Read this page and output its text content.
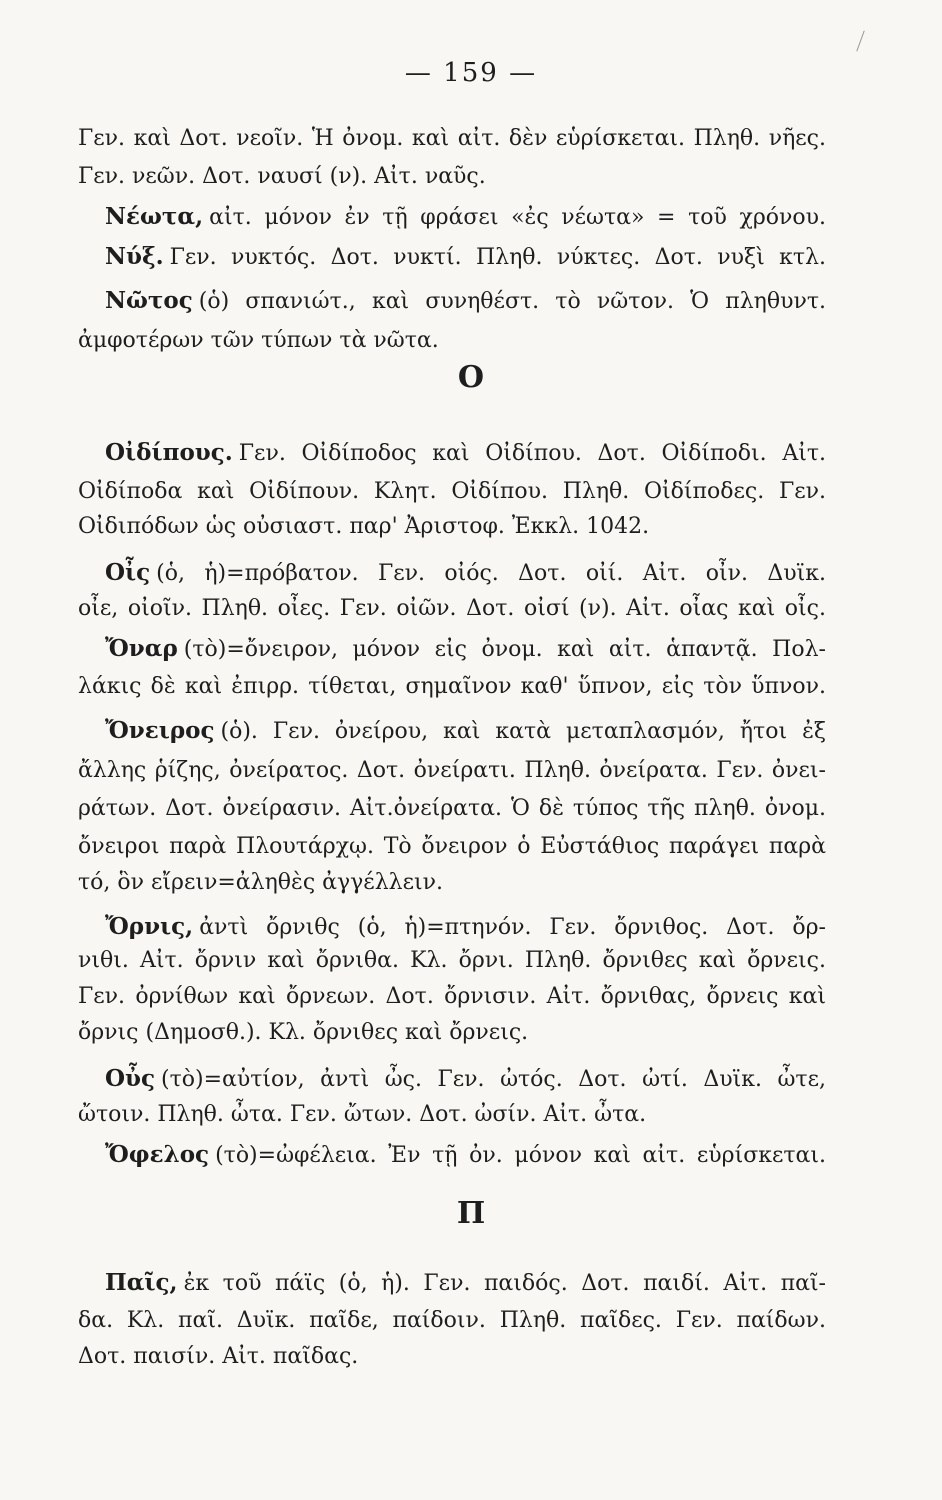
— 159 —
Γεν. καὶ Δοτ. νεοῖν. Ἡ ὀνομ. καὶ αἰτ. δὲν εὑρίσκεται. Πληθ. νῆες.
Γεν. νεῶν. Δοτ. ναυσί (ν). Αἰτ. ναῦς.
Νέωτα, αἰτ. μόνον ἐν τῇ φράσει «ἐς νέωτα» = τοῦ χρόνου.
Νύξ. Γεν. νυκτός. Δοτ. νυκτί. Πληθ. νύκτες. Δοτ. νυξὶ κτλ.
Νῶτος (ὁ) σπανιώτ., καὶ συνηθέστ. τὸ νῶτον. Ὁ πληθυντ.
ἀμφοτέρων τῶν τύπων τὰ νῶτα.
Ο
Οἰδίπους. Γεν. Οἰδίποδος καὶ Οἰδίπου. Δοτ. Οἰδίποδι. Αἰτ.
Οἰδίποδα καὶ Οἰδίπουν. Κλητ. Οἰδίπου. Πληθ. Οἰδίποδες. Γεν.
Οἰδιπόδων ὡς οὐσιαστ. παρ' Ἀριστοφ. Ἐκκλ. 1042.
Οἶς (ὁ, ἡ)=πρόβατον. Γεν. οἰός. Δοτ. οἰί. Αἰτ. οἶν. Δυϊκ.
οἶε, οἰοῖν. Πληθ. οἶες. Γεν. οἰῶν. Δοτ. οἰσί (ν). Αἰτ. οἶας καὶ οἶς.
Ὄναρ (τὸ)=ὄνειρον, μόνον εἰς ὀνομ. καὶ αἰτ. ἁπαντᾷ. Πολ-
λάκις δὲ καὶ ἐπιρρ. τίθεται, σημαῖνον καθ' ὕπνον, εἰς τὸν ὕπνον.
Ὄνειρος (ὁ). Γεν. ὀνείρου, καὶ κατὰ μεταπλασμόν, ἤτοι ἐξ
ἄλλης ῥίζης, ὀνείρατος. Δοτ. ὀνείρατι. Πληθ. ὀνείρατα. Γεν. ὀνει-
ράτων. Δοτ. ὀνείρασιν. Αἰτ.ὀνείρατα. Ὁ δὲ τύπος τῆς πληθ. ὀνομ.
ὄνειροι παρὰ Πλουτάρχῳ. Τὸ ὄνειρον ὁ Εὐστάθιος παράγει παρὰ
τό, ὃν εἴρειν=ἀληθὲς ἀγγέλλειν.
Ὄρνις, ἀντὶ ὄρνιθς (ὁ, ἡ)=πτηνόν. Γεν. ὄρνιθος. Δοτ. ὄρ-
νιθι. Αἰτ. ὄρνιν καὶ ὄρνιθα. Κλ. ὄρνι. Πληθ. ὄρνιθες καὶ ὄρνεις.
Γεν. ὀρνίθων καὶ ὄρνεων. Δοτ. ὄρνισιν. Αἰτ. ὄρνιθας, ὄρνεις καὶ
ὄρνις (Δημοσθ.). Κλ. ὄρνιθες καὶ ὄρνεις.
Οὖς (τὸ)=αὐτίον, ἀντὶ ὦς. Γεν. ὠτός. Δοτ. ὠτί. Δυϊκ. ὦτε,
ὤτοιν. Πληθ. ὦτα. Γεν. ὤτων. Δοτ. ὠσίν. Αἰτ. ὦτα.
Ὄφελος (τὸ)=ὠφέλεια. Ἐν τῇ ὀν. μόνον καὶ αἰτ. εὑρίσκεται.
Π
Παῖς, ἐκ τοῦ πάϊς (ὁ, ἡ). Γεν. παιδός. Δοτ. παιδί. Αἰτ. παῖ-
δα. Κλ. παῖ. Δυϊκ. παῖδε, παίδοιν. Πληθ. παῖδες. Γεν. παίδων.
Δοτ. παισίν. Αἰτ. παῖδας.
